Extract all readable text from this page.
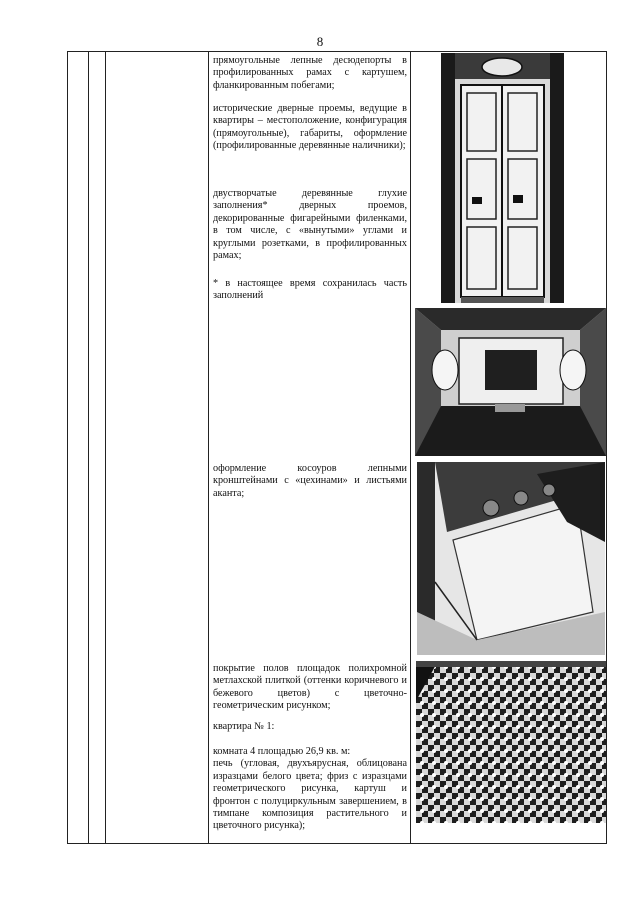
8

прямоугольные лепные десюдепорты в профилированных рамах с картушем, фланкированным побегами;

исторические дверные проемы, ведущие в квартиры – местоположение, конфигурация (прямоугольные), габариты, оформление (профилированные деревянные наличники);

двустворчатые деревянные глухие заполнения* дверных проемов, декорированные фигарейными филенками, в том числе, с «вынутыми» углами и круглыми розетками, в профилированных рамах;

* в настоящее время сохранилась часть заполнений

оформление косоуров лепными кронштейнами с «цехинами» и листьями аканта;

покрытие полов площадок полихромной метлахской плиткой (оттенки коричневого и бежевого цветов) с цветочно-геометрическим рисунком;

квартира № 1:

комната 4 площадью 26,9 кв. м:

печь (угловая, двухъярусная, облицована изразцами белого цвета; фриз с изразцами геометрического рисунка, картуш и фронтон с полуциркульным завершением, в тимпане композиция растительного и цветочного рисунка);
